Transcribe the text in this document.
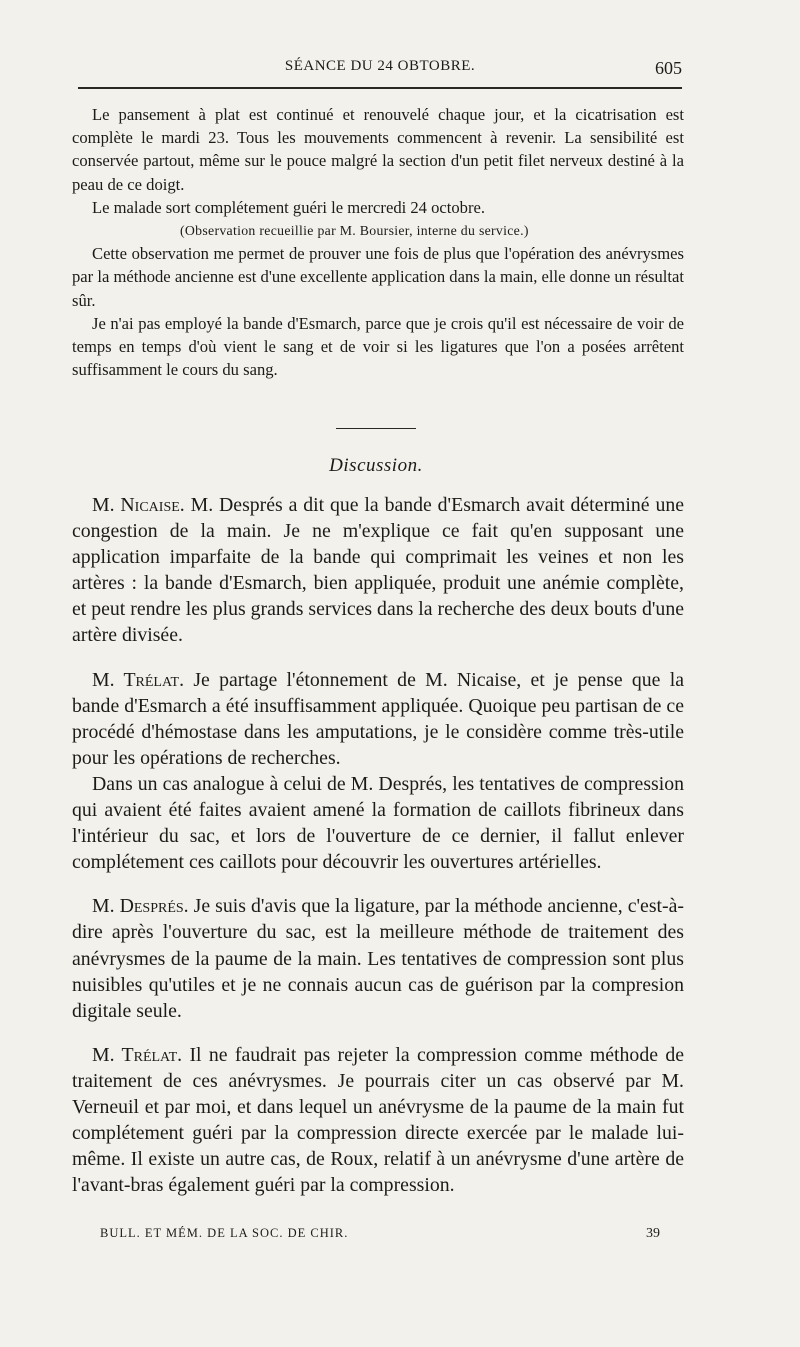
SÉANCE DU 24 OBTOBRE.	605

Le pansement à plat est continué et renouvelé chaque jour, et la cicatrisation est complète le mardi 23. Tous les mouvements commencent à revenir. La sensibilité est conservée partout, même sur le pouce malgré la section d'un petit filet nerveux destiné à la peau de ce doigt.

Le malade sort complétement guéri le mercredi 24 octobre.

(Observation recueillie par M. Boursier, interne du service.)

Cette observation me permet de prouver une fois de plus que l'opération des anévrysmes par la méthode ancienne est d'une excellente application dans la main, elle donne un résultat sûr.

Je n'ai pas employé la bande d'Esmarch, parce que je crois qu'il est nécessaire de voir de temps en temps d'où vient le sang et de voir si les ligatures que l'on a posées arrêtent suffisamment le cours du sang.

Discussion.

M. Nicaise. M. Després a dit que la bande d'Esmarch avait déterminé une congestion de la main. Je ne m'explique ce fait qu'en supposant une application imparfaite de la bande qui comprimait les veines et non les artères : la bande d'Esmarch, bien appliquée, produit une anémie complète, et peut rendre les plus grands services dans la recherche des deux bouts d'une artère divisée.

M. Trélat. Je partage l'étonnement de M. Nicaise, et je pense que la bande d'Esmarch a été insuffisamment appliquée. Quoique peu partisan de ce procédé d'hémostase dans les amputations, je le considère comme très-utile pour les opérations de recherches.

Dans un cas analogue à celui de M. Després, les tentatives de compression qui avaient été faites avaient amené la formation de caillots fibrineux dans l'intérieur du sac, et lors de l'ouverture de ce dernier, il fallut enlever complétement ces caillots pour découvrir les ouvertures artérielles.

M. Després. Je suis d'avis que la ligature, par la méthode ancienne, c'est-à-dire après l'ouverture du sac, est la meilleure méthode de traitement des anévrysmes de la paume de la main. Les tentatives de compression sont plus nuisibles qu'utiles et je ne connais aucun cas de guérison par la compresion digitale seule.

M. Trélat. Il ne faudrait pas rejeter la compression comme méthode de traitement de ces anévrysmes. Je pourrais citer un cas observé par M. Verneuil et par moi, et dans lequel un anévrysme de la paume de la main fut complétement guéri par la compression directe exercée par le malade lui-même. Il existe un autre cas, de Roux, relatif à un anévrysme d'une artère de l'avant-bras également guéri par la compression.

BULL. ET MÉM. DE LA SOC. DE CHIR.	39
